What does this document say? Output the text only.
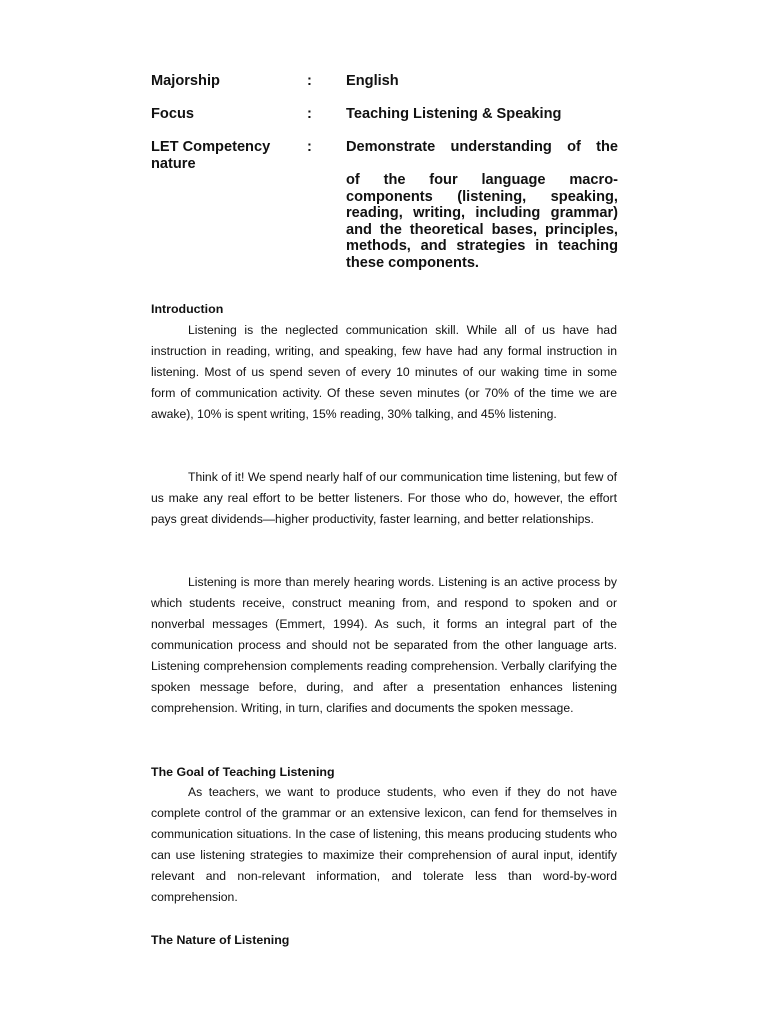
Majorship	: English
Focus	: Teaching Listening & Speaking
LET Competency nature
: Demonstrate understanding of the
of the four language macro-components (listening, speaking, reading, writing, including grammar) and the theoretical bases, principles, methods, and strategies in teaching these components.
Introduction

Listening is the neglected communication skill. While all of us have had instruction in reading, writing, and speaking, few have had any formal instruction in listening. Most of us spend seven of every 10 minutes of our waking time in some form of communication activity. Of these seven minutes (or 70% of the time we are awake), 10% is spent writing, 15% reading, 30% talking, and 45% listening.

Think of it! We spend nearly half of our communication time listening, but few of us make any real effort to be better listeners. For those who do, however, the effort pays great dividends—higher productivity, faster learning, and better relationships.

Listening is more than merely hearing words. Listening is an active process by which students receive, construct meaning from, and respond to spoken and or nonverbal messages (Emmert, 1994). As such, it forms an integral part of the communication process and should not be separated from the other language arts. Listening comprehension complements reading comprehension. Verbally clarifying the spoken message before, during, and after a presentation enhances listening comprehension. Writing, in turn, clarifies and documents the spoken message.

The Goal of Teaching Listening

As teachers, we want to produce students, who even if they do not have complete control of the grammar or an extensive lexicon, can fend for themselves in communication situations. In the case of listening, this means producing students who can use listening strategies to maximize their comprehension of aural input, identify relevant and non-relevant information, and tolerate less than word-by-word comprehension.

The Nature of Listening
